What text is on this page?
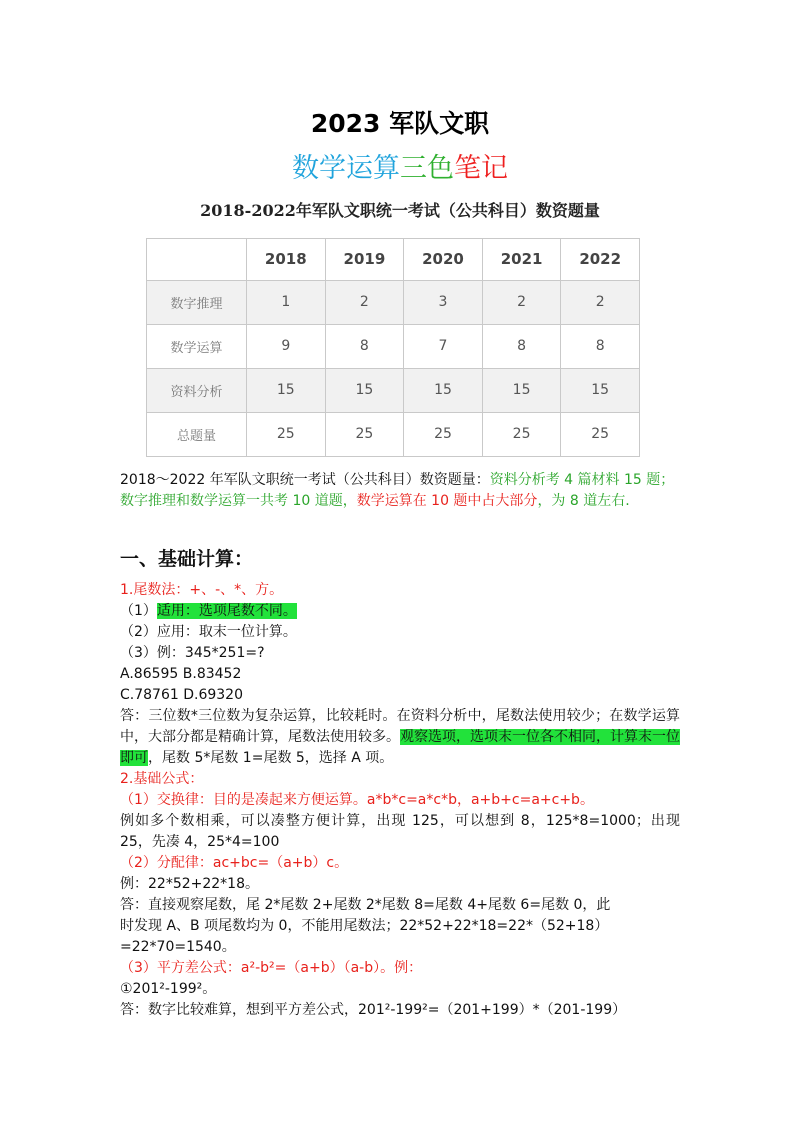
2023 军队文职
数学运算三色笔记
2018-2022年军队文职统一考试（公共科目）数资题量
	2018	2019	2020	2021	2022
数字推理	1	2	3	2	2
数学运算	9	8	7	8	8
资料分析	15	15	15	15	15
总题量	25	25	25	25	25
2018～2022 年军队文职统一考试（公共科目）数资题量：资料分析考 4 篇材料 15 题；数字推理和数学运算一共考 10 道题，数学运算在 10 题中占大部分，为 8 道左右.
一、基础计算：
1.尾数法：+、-、*、方。
（1）适用：选项尾数不同。
（2）应用：取末一位计算。
（3）例：345*251=?
A.86595 B.83452
C.78761 D.69320
答：三位数*三位数为复杂运算，比较耗时。在资料分析中，尾数法使用较少；在数学运算中，大部分都是精确计算，尾数法使用较多。观察选项，选项末一位各不相同，计算末一位即可，尾数 5*尾数 1=尾数 5，选择 A 项。
2.基础公式：
（1）交换律：目的是凑起来方便运算。a*b*c=a*c*b，a+b+c=a+c+b。
例如多个数相乘，可以凑整方便计算，出现 125，可以想到 8，125*8=1000；出现 25，先凑 4，25*4=100
（2）分配律：ac+bc=（a+b）c。
例：22*52+22*18。
答：直接观察尾数，尾 2*尾数 2+尾数 2*尾数 8=尾数 4+尾数 6=尾数 0，此
时发现 A、B 项尾数均为 0，不能用尾数法；22*52+22*18=22*（52+18）
=22*70=1540。
（3）平方差公式：a²-b²=（a+b）（a-b）。例：
①201²-199²。
答：数字比较难算，想到平方差公式，201²-199²=（201+199）*（201-199）
